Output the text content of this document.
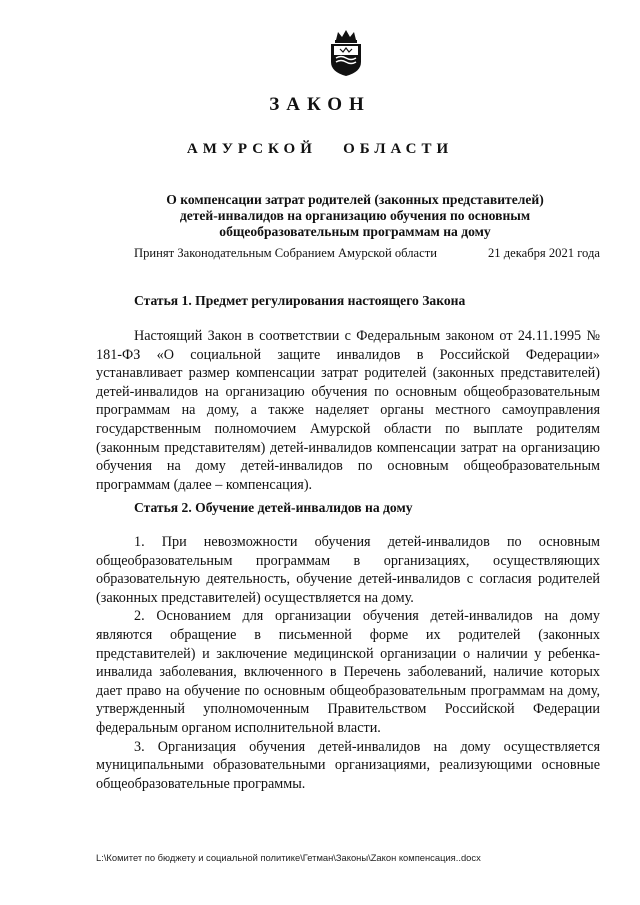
ЗАКОН
АМУРСКОЙ   ОБЛАСТИ
О компенсации затрат родителей (законных представителей)
детей-инвалидов на организацию обучения по основным
общеобразовательным программам на дому
Принят Законодательным Собранием Амурской области	21 декабря 2021 года
Статья 1. Предмет регулирования настоящего Закона

Настоящий Закон в соответствии с Федеральным законом от 24.11.1995 № 181-ФЗ «О социальной защите инвалидов в Российской Федерации» устанавливает размер компенсации затрат родителей (законных представителей) детей-инвалидов на организацию обучения по основным общеобразовательным программам на дому, а также наделяет органы местного самоуправления государственным полномочием Амурской области по выплате родителям (законным представителям) детей-инвалидов компенсации затрат на организацию обучения на дому детей-инвалидов по основным общеобразовательным программам (далее – компенсация).

Статья 2. Обучение детей-инвалидов на дому

1. При невозможности обучения детей-инвалидов по основным общеобразовательным программам в организациях, осуществляющих образовательную деятельность, обучение детей-инвалидов с согласия родителей (законных представителей) осуществляется на дому.

2. Основанием для организации обучения детей-инвалидов на дому являются обращение в письменной форме их родителей (законных представителей) и заключение медицинской организации о наличии у ребенка-инвалида заболевания, включенного в Перечень заболеваний, наличие которых дает право на обучение по основным общеобразовательным программам на дому, утвержденный уполномоченным Правительством Российской Федерации федеральным органом исполнительной власти.

3. Организация обучения детей-инвалидов на дому осуществляется муниципальными образовательными организациями, реализующими основные общеобразовательные программы.

L:\Комитет по бюджету и социальной политике\Гетман\Законы\Zакон компенсация..docx
